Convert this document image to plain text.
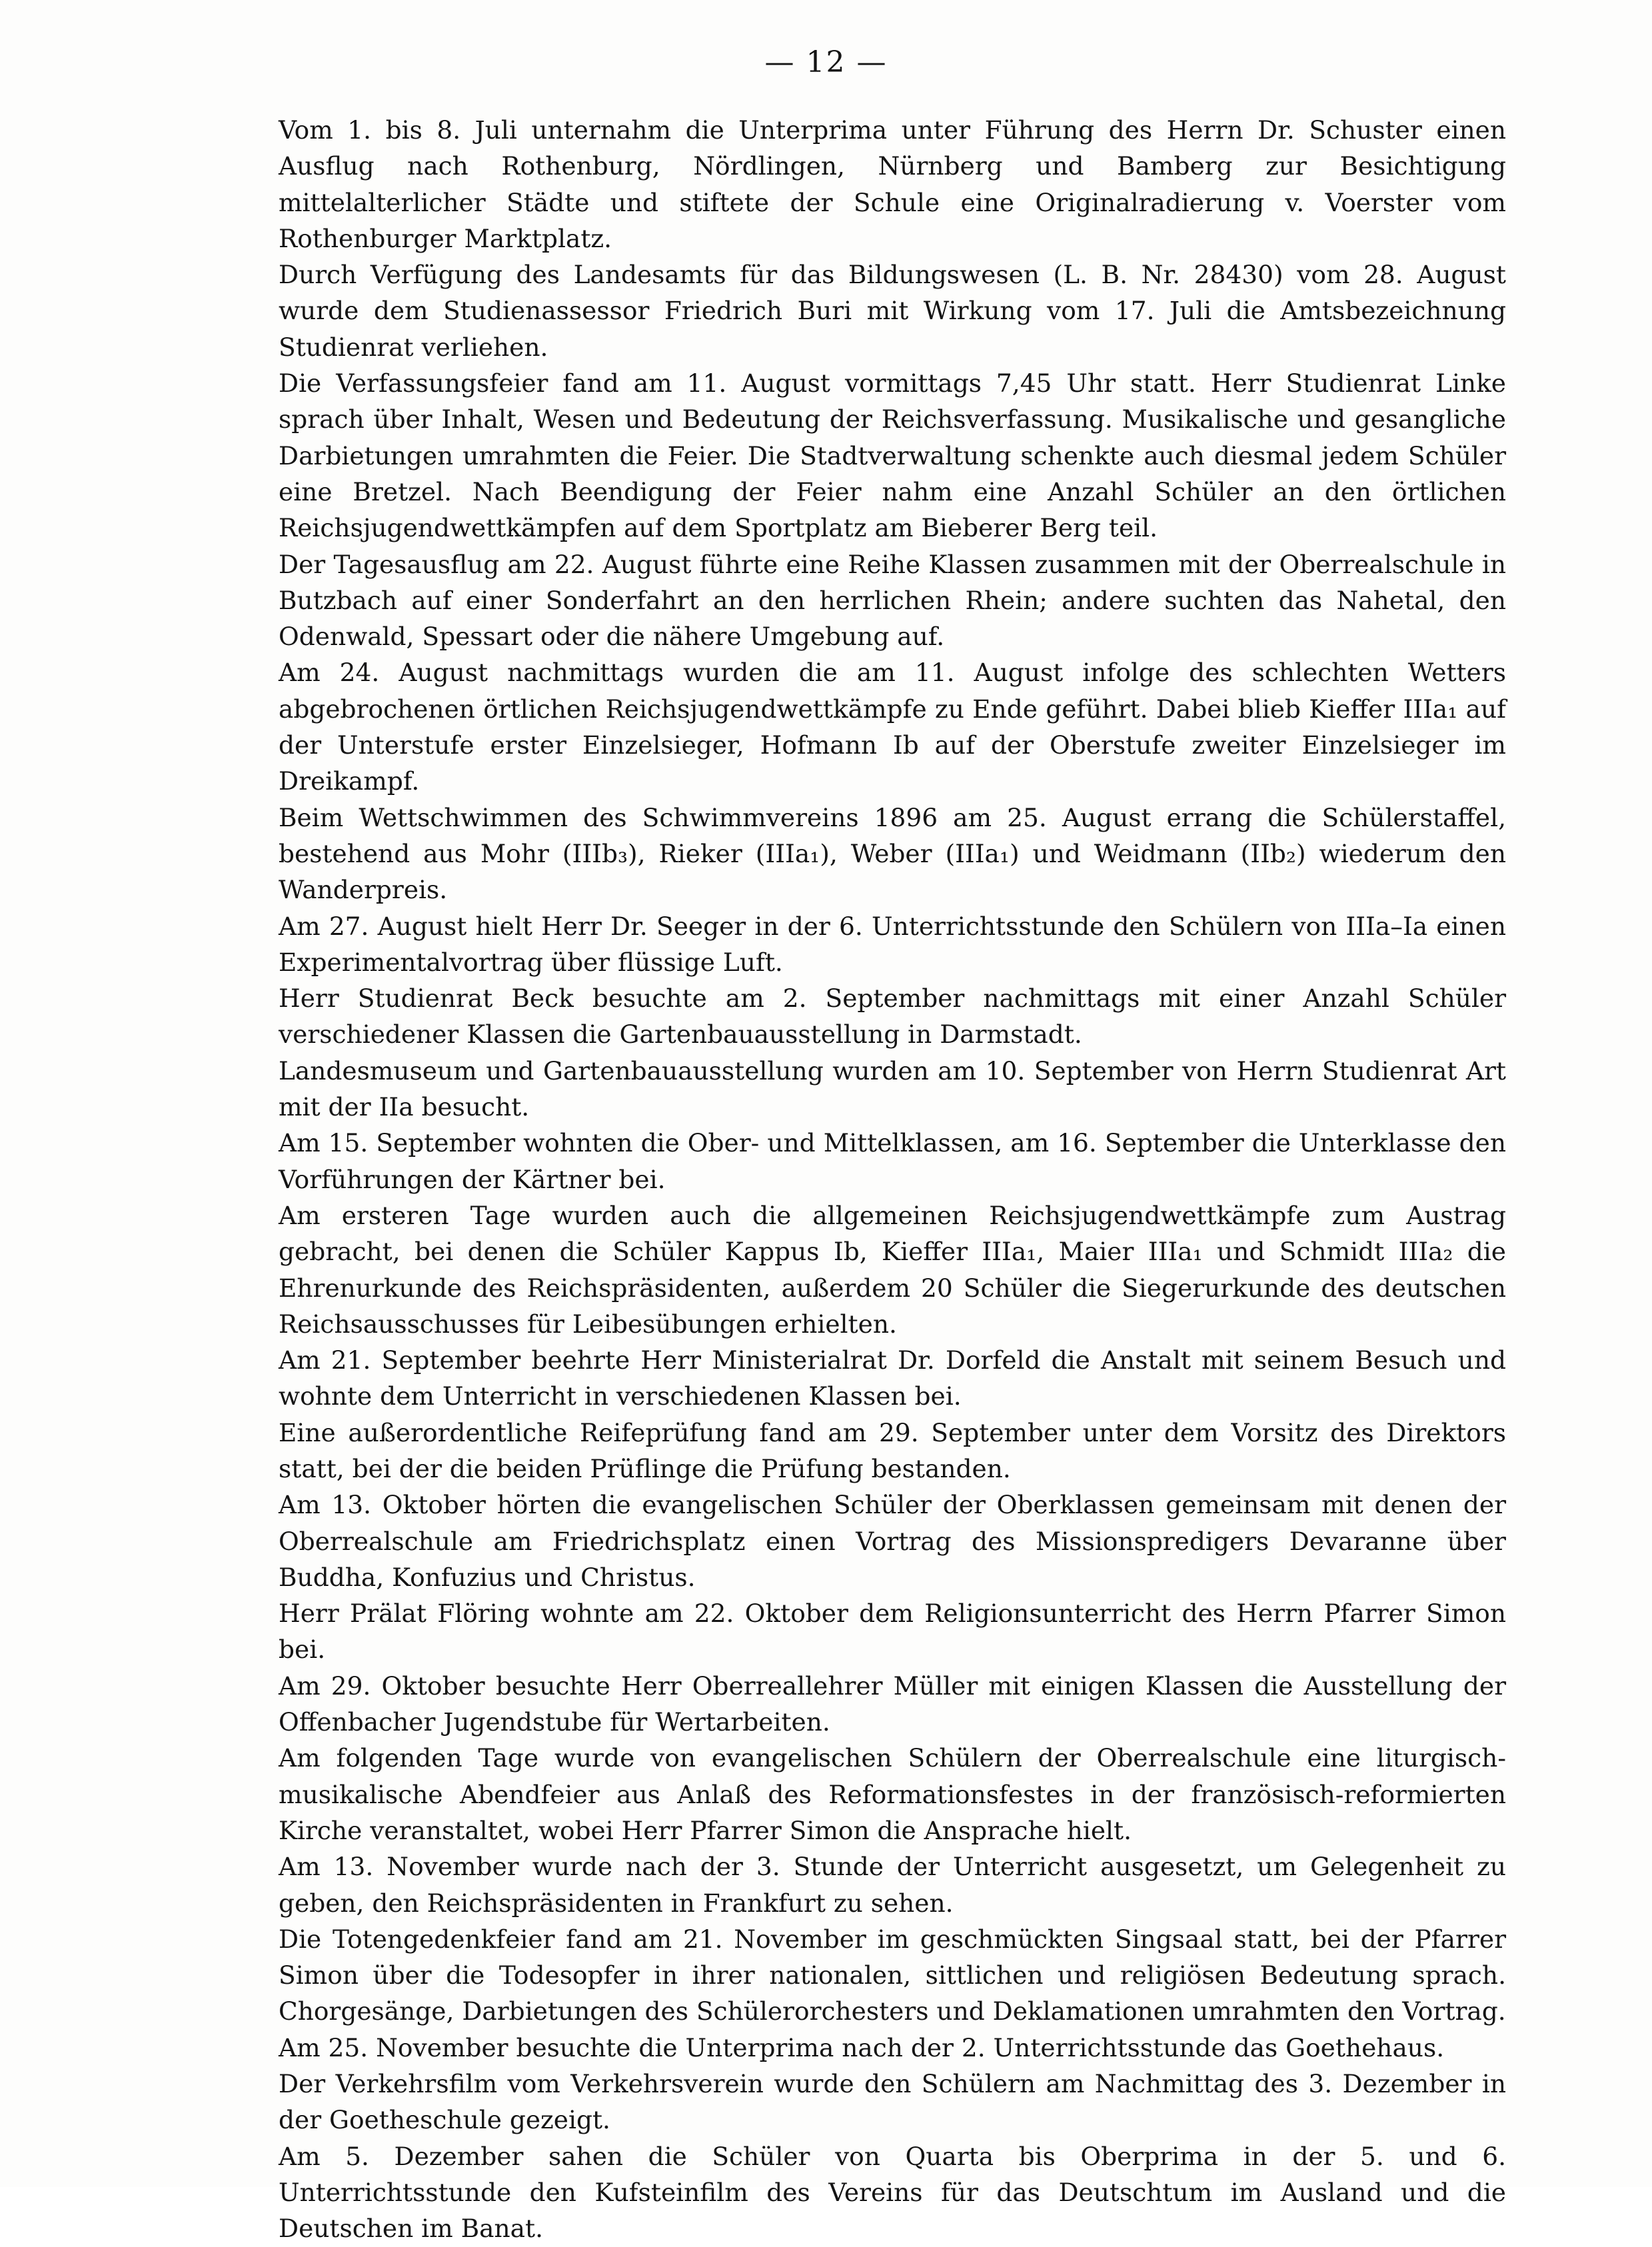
— 12 —

Vom 1. bis 8. Juli unternahm die Unterprima unter Führung des Herrn Dr. Schuster einen Ausflug nach Rothenburg, Nördlingen, Nürnberg und Bamberg zur Besichtigung mittelalterlicher Städte und stiftete der Schule eine Originalradierung v. Voerster vom Rothenburger Marktplatz.

Durch Verfügung des Landesamts für das Bildungswesen (L. B. Nr. 28430) vom 28. August wurde dem Studienassessor Friedrich Buri mit Wirkung vom 17. Juli die Amtsbezeichnung Studienrat verliehen.

Die Verfassungsfeier fand am 11. August vormittags 7,45 Uhr statt. Herr Studienrat Linke sprach über Inhalt, Wesen und Bedeutung der Reichsverfassung. Musikalische und gesangliche Darbietungen umrahmten die Feier. Die Stadtverwaltung schenkte auch diesmal jedem Schüler eine Bretzel. Nach Beendigung der Feier nahm eine Anzahl Schüler an den örtlichen Reichsjugendwettkämpfen auf dem Sportplatz am Bieberer Berg teil.

Der Tagesausflug am 22. August führte eine Reihe Klassen zusammen mit der Oberrealschule in Butzbach auf einer Sonderfahrt an den herrlichen Rhein; andere suchten das Nahetal, den Odenwald, Spessart oder die nähere Umgebung auf.

Am 24. August nachmittags wurden die am 11. August infolge des schlechten Wetters abgebrochenen örtlichen Reichsjugendwettkämpfe zu Ende geführt. Dabei blieb Kieffer IIIa₁ auf der Unterstufe erster Einzelsieger, Hofmann Ib auf der Oberstufe zweiter Einzelsieger im Dreikampf.

Beim Wettschwimmen des Schwimmvereins 1896 am 25. August errang die Schülerstaffel, bestehend aus Mohr (IIIb₃), Rieker (IIIa₁), Weber (IIIa₁) und Weidmann (IIb₂) wiederum den Wanderpreis.

Am 27. August hielt Herr Dr. Seeger in der 6. Unterrichtsstunde den Schülern von IIIa–Ia einen Experimentalvortrag über flüssige Luft.

Herr Studienrat Beck besuchte am 2. September nachmittags mit einer Anzahl Schüler verschiedener Klassen die Gartenbauausstellung in Darmstadt.

Landesmuseum und Gartenbauausstellung wurden am 10. September von Herrn Studienrat Art mit der IIa besucht.

Am 15. September wohnten die Ober- und Mittelklassen, am 16. September die Unterklasse den Vorführungen der Kärtner bei.

Am ersteren Tage wurden auch die allgemeinen Reichsjugendwettkämpfe zum Austrag gebracht, bei denen die Schüler Kappus Ib, Kieffer IIIa₁, Maier IIIa₁ und Schmidt IIIa₂ die Ehrenurkunde des Reichspräsidenten, außerdem 20 Schüler die Siegerurkunde des deutschen Reichsausschusses für Leibesübungen erhielten.

Am 21. September beehrte Herr Ministerialrat Dr. Dorfeld die Anstalt mit seinem Besuch und wohnte dem Unterricht in verschiedenen Klassen bei.

Eine außerordentliche Reifeprüfung fand am 29. September unter dem Vorsitz des Direktors statt, bei der die beiden Prüflinge die Prüfung bestanden.

Am 13. Oktober hörten die evangelischen Schüler der Oberklassen gemeinsam mit denen der Oberrealschule am Friedrichsplatz einen Vortrag des Missionspredigers Devaranne über Buddha, Konfuzius und Christus.

Herr Prälat Flöring wohnte am 22. Oktober dem Religionsunterricht des Herrn Pfarrer Simon bei.

Am 29. Oktober besuchte Herr Oberreallehrer Müller mit einigen Klassen die Ausstellung der Offenbacher Jugendstube für Wertarbeiten.

Am folgenden Tage wurde von evangelischen Schülern der Oberrealschule eine liturgisch-musikalische Abendfeier aus Anlaß des Reformationsfestes in der französisch-reformierten Kirche veranstaltet, wobei Herr Pfarrer Simon die Ansprache hielt.

Am 13. November wurde nach der 3. Stunde der Unterricht ausgesetzt, um Gelegenheit zu geben, den Reichspräsidenten in Frankfurt zu sehen.

Die Totengedenkfeier fand am 21. November im geschmückten Singsaal statt, bei der Pfarrer Simon über die Todesopfer in ihrer nationalen, sittlichen und religiösen Bedeutung sprach. Chorgesänge, Darbietungen des Schülerorchesters und Deklamationen umrahmten den Vortrag.

Am 25. November besuchte die Unterprima nach der 2. Unterrichtsstunde das Goethehaus.

Der Verkehrsfilm vom Verkehrsverein wurde den Schülern am Nachmittag des 3. Dezember in der Goetheschule gezeigt.

Am 5. Dezember sahen die Schüler von Quarta bis Oberprima in der 5. und 6. Unterrichtsstunde den Kufsteinfilm des Vereins für das Deutschtum im Ausland und die Deutschen im Banat.
